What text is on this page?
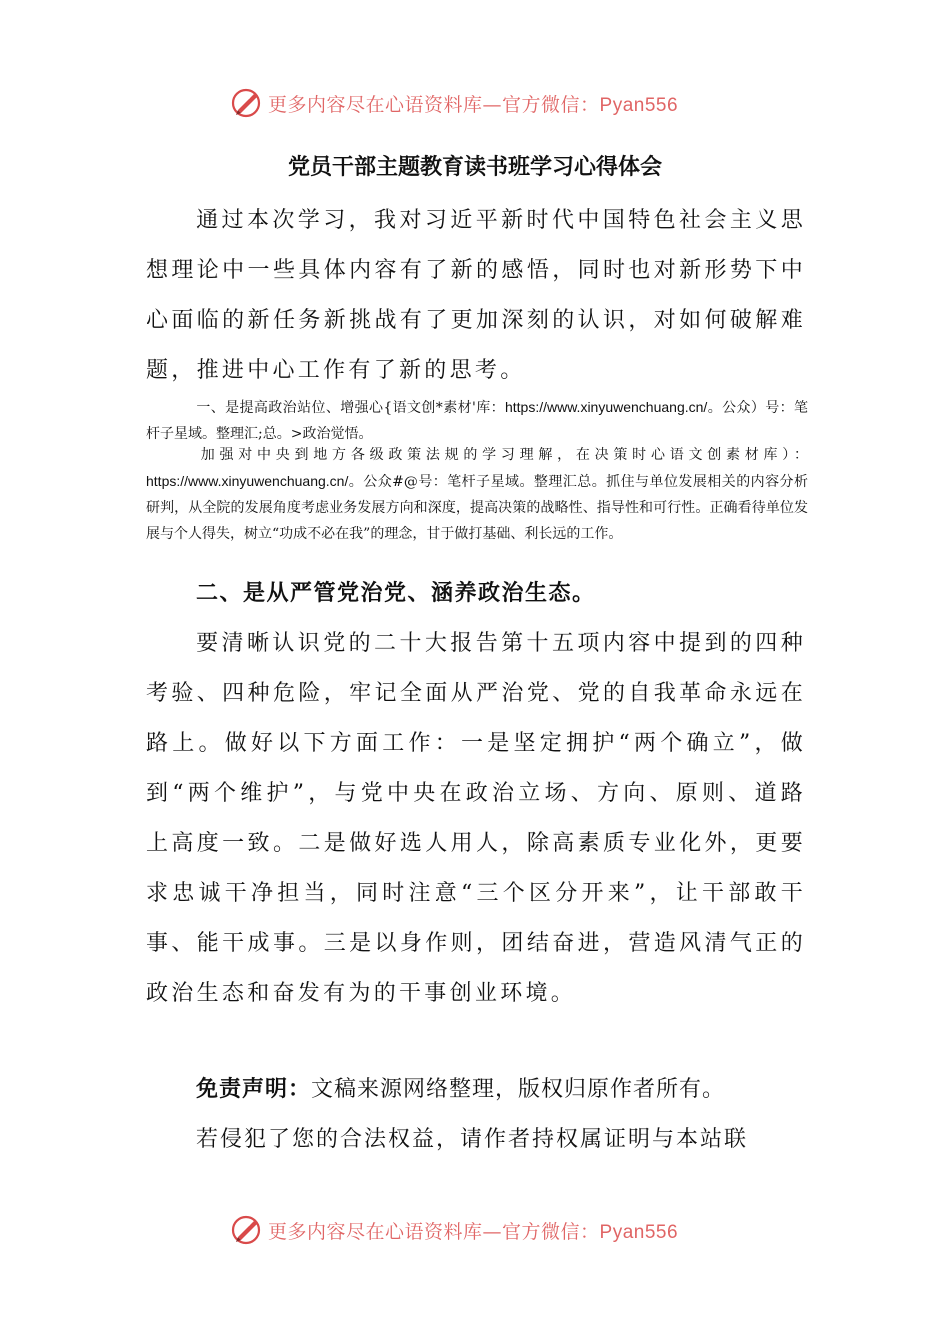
更多内容尽在心语资料库—官方微信：Pyan556
党员干部主题教育读书班学习心得体会

通过本次学习，我对习近平新时代中国特色社会主义思想理论中一些具体内容有了新的感悟，同时也对新形势下中心面临的新任务新挑战有了更加深刻的认识，对如何破解难题，推进中心工作有了新的思考。

一、是提高政治站位、增强心{语文创*素材'库：https://www.xinyuwenchuang.cn/。公众）号：笔杆子星域。整理汇;总。>政治觉悟。

加强对中央到地方各级政策法规的学习理解，在决策时心语文创素材库）：https://www.xinyuwenchuang.cn/。公众#@号：笔杆子星域。整理汇总。抓住与单位发展相关的内容分析研判，从全院的发展角度考虑业务发展方向和深度，提高决策的战略性、指导性和可行性。正确看待单位发展与个人得失，树立“功成不必在我”的理念，甘于做打基础、利长远的工作。

二、是从严管党治党、涵养政治生态。

要清晰认识党的二十大报告第十五项内容中提到的四种考验、四种危险，牢记全面从严治党、党的自我革命永远在路上。做好以下方面工作：一是坚定拥护“两个确立”，做到“两个维护”，与党中央在政治立场、方向、原则、道路上高度一致。二是做好选人用人，除高素质专业化外，更要求忠诚干净担当，同时注意“三个区分开来”，让干部敢干事、能干成事。三是以身作则，团结奋进，营造风清气正的政治生态和奋发有为的干事创业环境。

免责声明：文稿来源网络整理，版权归原作者所有。

若侵犯了您的合法权益，请作者持权属证明与本站联

更多内容尽在心语资料库—官方微信：Pyan556
